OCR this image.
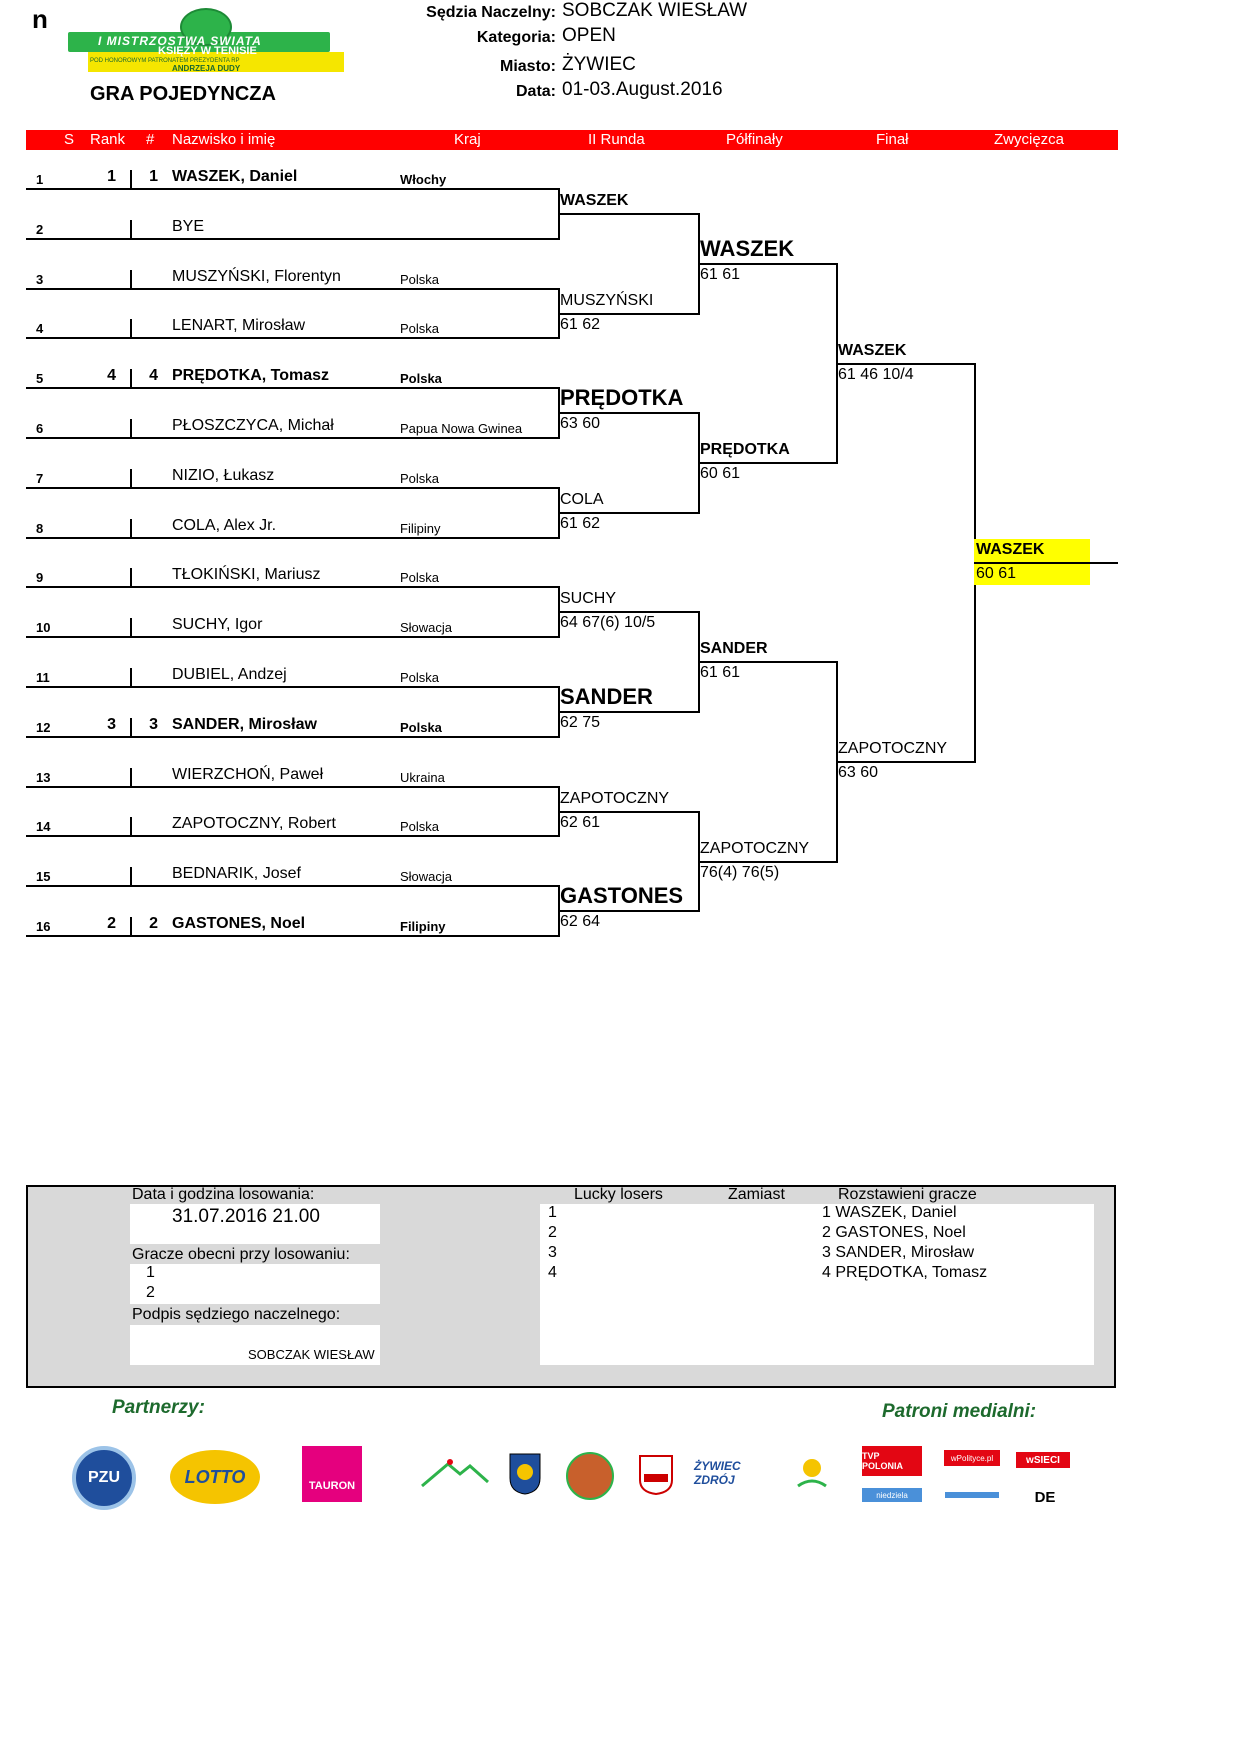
n
I MISTRZOSTWA SWIATA
KSIĘŻY W TENISIE
POD HONOROWYM PATRONATEM PREZYDENTA RP
ANDRZEJA DUDY
GRA POJEDYNCZA
Sędzia Naczelny: SOBCZAK WIESŁAW
Kategoria: OPEN
Miasto: ŻYWIEC
Data: 01-03.August.2016
S Rank # Nazwisko i imię	Kraj	II Runda	Półfinały	Finał	Zwycięzca
1	1	1 WASZEK, Daniel	Włochy
2	BYE
3	MUSZYŃSKI, Florentyn	Polska
4	LENART, Mirosław	Polska
5	4	4 PRĘDOTKA, Tomasz	Polska
6	PŁOSZCZYCA, Michał	Papua Nowa Gwinea
7	NIZIO, Łukasz	Polska
8	COLA, Alex Jr.	Filipiny
9	TŁOKIŃSKI, Mariusz	Polska
10	SUCHY, Igor	Słowacja
11	DUBIEL, Andzej	Polska
12	3	3 SANDER, Mirosław	Polska
13	WIERZCHOŃ, Paweł	Ukraina
14	ZAPOTOCZNY, Robert	Polska
15	BEDNARIK, Josef	Słowacja
16	2	2 GASTONES, Noel	Filipiny
WASZEK
MUSZYŃSKI
61 62
PRĘDOTKA
63 60
COLA
61 62
SUCHY
64 67(6) 10/5
SANDER
62 75
ZAPOTOCZNY
62 61
GASTONES
62 64
WASZEK
61 61
PRĘDOTKA
60 61
SANDER
61 61
ZAPOTOCZNY
76(4) 76(5)
WASZEK
61 46 10/4
ZAPOTOCZNY
63 60
WASZEK
60 61
Data i godzina losowania:
31.07.2016 21.00
Gracze obecni przy losowaniu:
1
2
Podpis sędziego naczelnego:
SOBCZAK WIESŁAW
Lucky losers	Zamiast	Rozstawieni gracze
1
2
3
4
1 WASZEK, Daniel
2 GASTONES, Noel
3 SANDER, Mirosław
4 PRĘDOTKA, Tomasz
Partnerzy:	Patroni medialni:
PZU	LOTTO	TAURON
ŻYWIEC ZDRÓJ
TVP POLONIA
wPolityce.pl	wSIECI
niedziela	DE
